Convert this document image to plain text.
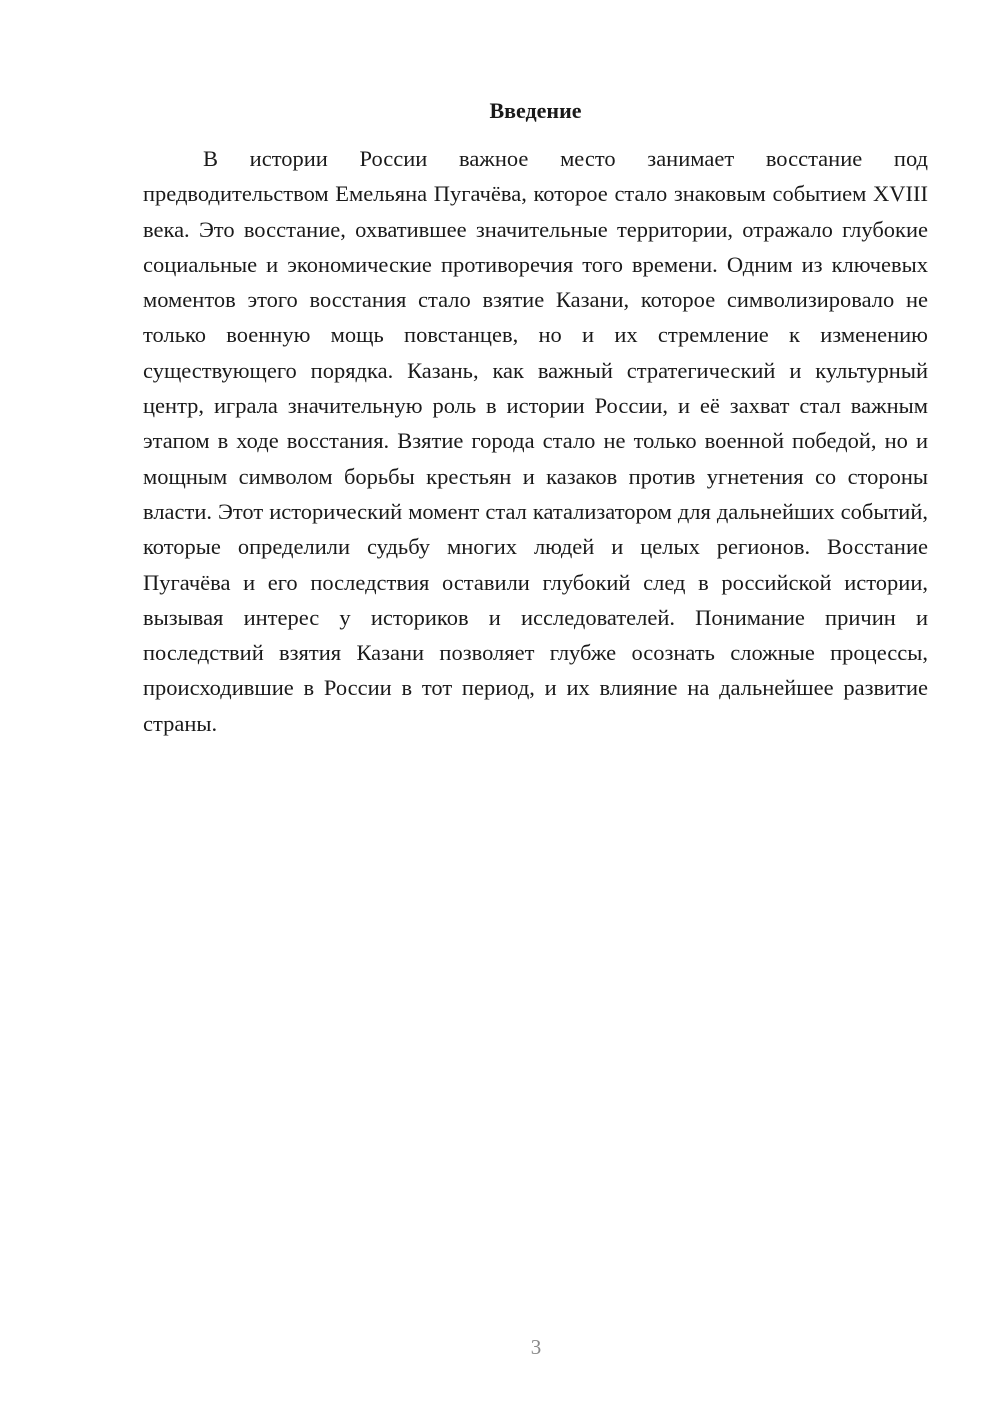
Введение

В истории России важное место занимает восстание под предводительством Емельяна Пугачёва, которое стало знаковым событием XVIII века. Это восстание, охватившее значительные территории, отражало глубокие социальные и экономические противоречия того времени. Одним из ключевых моментов этого восстания стало взятие Казани, которое символизировало не только военную мощь повстанцев, но и их стремление к изменению существующего порядка. Казань, как важный стратегический и культурный центр, играла значительную роль в истории России, и её захват стал важным этапом в ходе восстания. Взятие города стало не только военной победой, но и мощным символом борьбы крестьян и казаков против угнетения со стороны власти. Этот исторический момент стал катализатором для дальнейших событий, которые определили судьбу многих людей и целых регионов. Восстание Пугачёва и его последствия оставили глубокий след в российской истории, вызывая интерес у историков и исследователей. Понимание причин и последствий взятия Казани позволяет глубже осознать сложные процессы, происходившие в России в тот период, и их влияние на дальнейшее развитие страны.

3
